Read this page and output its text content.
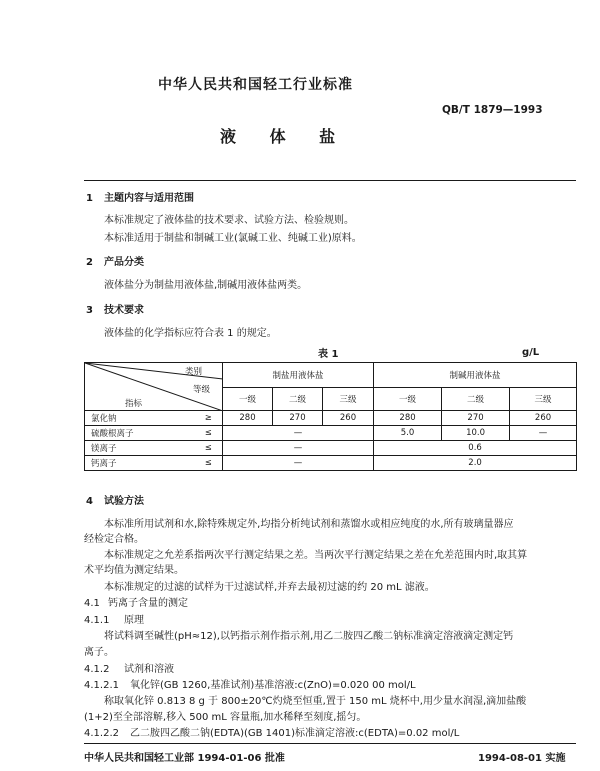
中华人民共和国轻工行业标准
QB/T 1879—1993
液 体 盐
1 主题内容与适用范围
本标准规定了液体盐的技术要求、试验方法、检验规则。
本标准适用于制盐和制碱工业(氯碱工业、纯碱工业)原料。
2 产品分类
液体盐分为制盐用液体盐,制碱用液体盐两类。
3 技术要求
液体盐的化学指标应符合表 1 的规定。
表 1	g/L
类别
等级
指标		制盐用液体盐			制碱用液体盐		
		一级	二级	三级	一级	二级	三级
氯化钠	≥	280	270	260	280	270	260
硫酸根离子	≤	—			5.0	10.0	—
镁离子	≤	—			0.6		
钙离子	≤	—			2.0		
4 试验方法
本标准所用试剂和水,除特殊规定外,均指分析纯试剂和蒸馏水或相应纯度的水,所有玻璃量器应
经检定合格。
本标准规定之允差系指两次平行测定结果之差。当两次平行测定结果之差在允差范围内时,取其算
术平均值为测定结果。
本标准规定的过滤的试样为干过滤试样,并弃去最初过滤的约 20 mL 滤液。
4.1 钙离子含量的测定
4.1.1 原理
将试料调至碱性(pH≈12),以钙指示剂作指示剂,用乙二胺四乙酸二钠标准滴定溶液滴定测定钙
离子。
4.1.2 试剂和溶液
4.1.2.1 氧化锌(GB 1260,基准试剂)基准溶液:c(ZnO)=0.020 00 mol/L
称取氧化锌 0.813 8 g 于 800±20℃灼烧至恒重,置于 150 mL 烧杯中,用少量水润湿,滴加盐酸
(1+2)至全部溶解,移入 500 mL 容量瓶,加水稀释至刻度,摇匀。
4.1.2.2 乙二胺四乙酸二钠(EDTA)(GB 1401)标准滴定溶液:c(EDTA)=0.02 mol/L
中华人民共和国轻工业部 1994-01-06 批准	1994-08-01 实施
